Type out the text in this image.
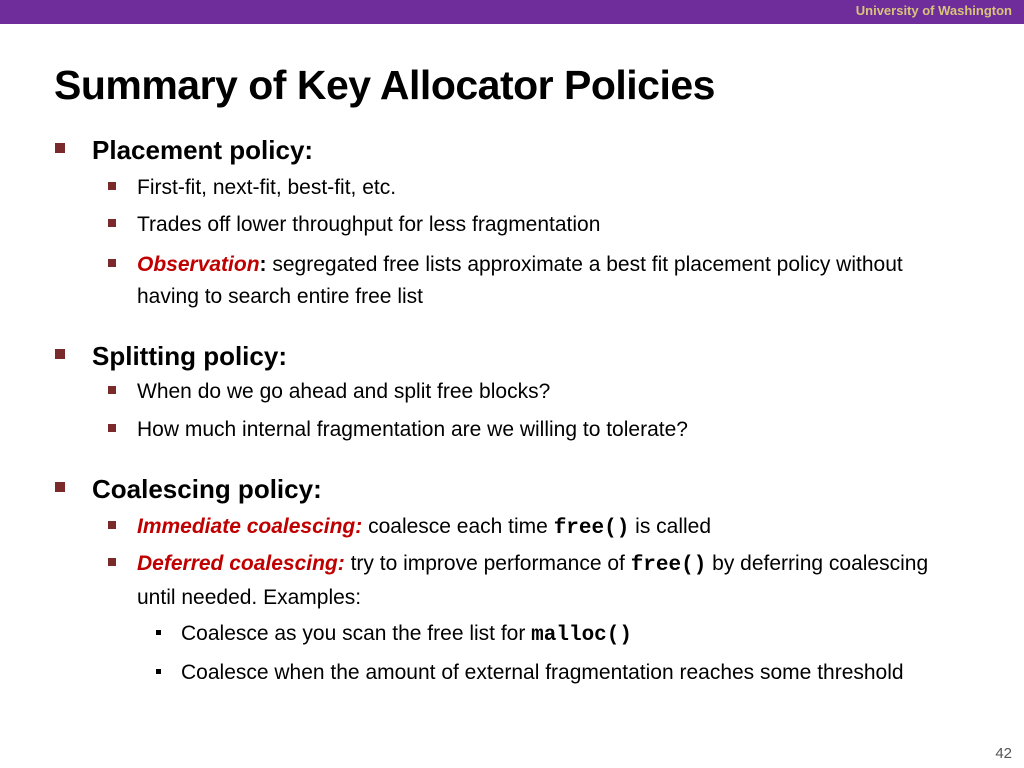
University of Washington
Summary of Key Allocator Policies
Placement policy:
First-fit, next-fit, best-fit, etc.
Trades off lower throughput for less fragmentation
Observation: segregated free lists approximate a best fit placement policy without having to search entire free list
Splitting policy:
When do we go ahead and split free blocks?
How much internal fragmentation are we willing to tolerate?
Coalescing policy:
Immediate coalescing: coalesce each time free() is called
Deferred coalescing: try to improve performance of free() by deferring coalescing until needed. Examples:
Coalesce as you scan the free list for malloc()
Coalesce when the amount of external fragmentation reaches some threshold
42
